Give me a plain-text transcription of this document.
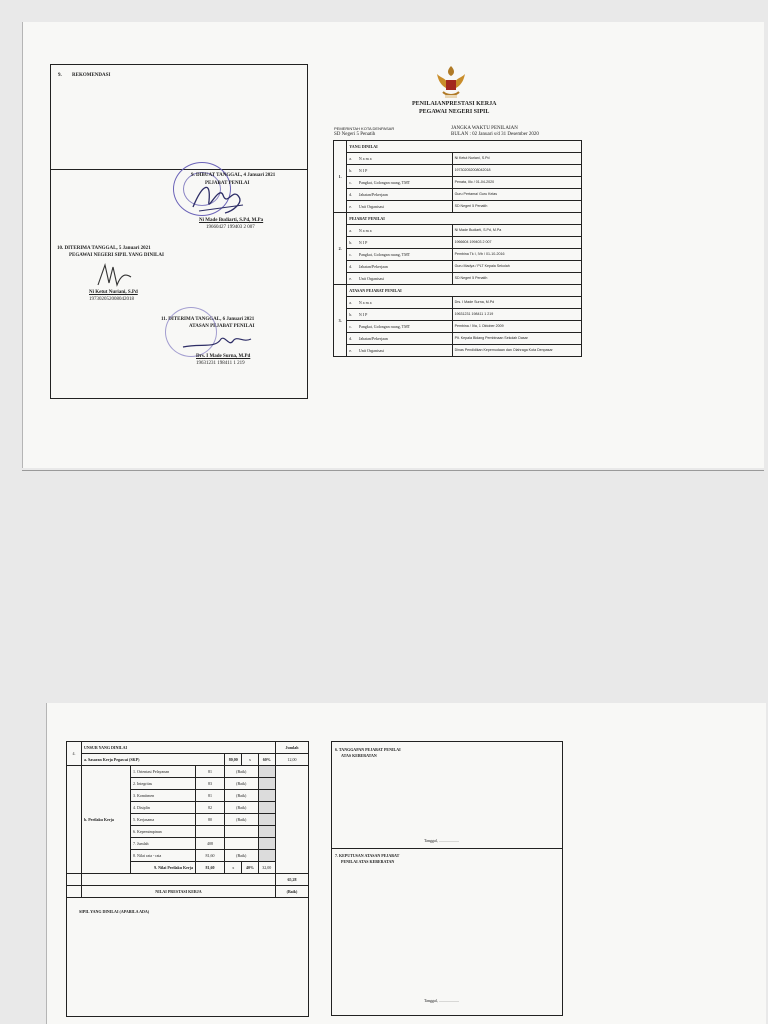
9. REKOMENDASI
9. DIBUAT TANGGAL, 4 Januari 2021
PEJABAT PENILAI
Ni Made Budiarti, S.Pd, M.Pa
19660427 199403 2 007
10. DITERIMA TANGGAL, 5 Januari 2021
PEGAWAI NEGERI SIPIL YANG DINILAI
Ni Ketut Nuriani, S.Pd
197302052008042018
11. DITERIMA TANGGAL, 6 Januari 2021
ATASAN PEJABAT PENILAI
Drs. I Made Surna, M.Pd
19631231 198411 1 219
PENILAIANPRESTASI KERJA
PEGAWAI NEGERI SIPIL
PEMERINTAH KOTA DENPASAR
SD Negeri 5 Penatih
JANGKA WAKTU PENILAIAN
BULAN : 02 Januari s/d 31 Desember 2020
1.	YANG DINILAI		
	a.	N a m a	Ni Ketut Nuriani, S.Pd
	b.	N I P	197302052008042018
	c.	Pangkat, Golongan ruang, TMT	Penata, IIIc / 01-04-2020
	d.	Jabatan/Pekerjaan	Guru Pertama/ Guru Kelas
	e.	Unit Organisasi	SD Negeri 5 Penatih
2.	PEJABAT PENILAI		
	a.	N a m a	Ni Made Budiarti, S.Pd, M.Pa
	b.	N I P	1966604 199403 2 007
	c.	Pangkat, Golongan ruang, TMT	Pembina Tk I, IVb / 01-10-2016
	d.	Jabatan/Pekerjaan	Guru Madya / PLT Kepala Sekolah
	e.	Unit Organisasi	SD Negeri 5 Penatih
3.	ATASAN PEJABAT PENILAI		
	a.	N a m a	Drs. I Made Surna, M.Pd
	b.	N I P	19631231 198411 1 219
	c.	Pangkat, Golongan ruang, TMT	Pembina / IVa, 1 Oktober 2009
	d.	Jabatan/Pekerjaan	Plt. Kepala Bidang Pembinaan Sekolah Dasar
	e.	Unit Organisasi	Dinas Pendidikan Kepemudaan dan Olahraga Kota Denpasar
4.	UNSUR YANG DINILAI						Jumlah
	a. Sasaran Kerja Pegawai (SKP)			80,00	x	60%	12,00
	b. Perilaku Kerja	1. Orientasi Pelayanan	81	(Baik)			
		2. Integritas	83	(Baik)			
		3. Komitmen	81	(Baik)			
		4. Disiplin	82	(Baik)			
		5. Kerjasama	80	(Baik)			
		6. Kepemimpinan					
		7. Jumlah	408				
		8. Nilai rata - rata	81,60	(Baik)			
		9. Nilai Perilaku Kerja	81,60	x	40%	32,00	
							65,28
	NILAI PRESTASI KERJA						(Baik)
SIPIL YANG DINILAI (APABILA ADA)
6. TANGGAPAN PEJABAT PENILAI
ATAS KEBERATAN
Tanggal, ....................
7. KEPUTUSAN ATASAN PEJABAT
PENILAI ATAS KEBERATAN
Tanggal, ....................
